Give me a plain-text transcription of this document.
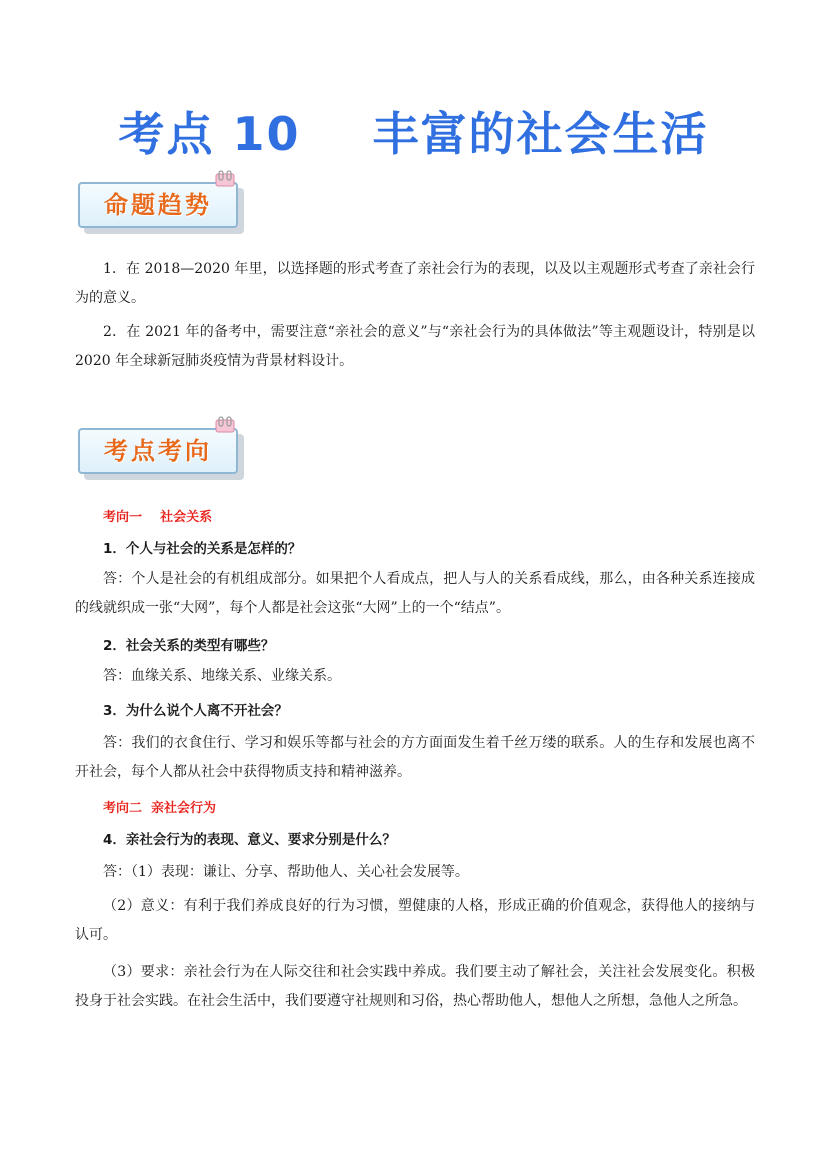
考点 10    丰富的社会生活
命题趋势
1．在 2018—2020 年里，以选择题的形式考查了亲社会行为的表现，以及以主观题形式考查了亲社会行为的意义。
2．在 2021 年的备考中，需要注意“亲社会的意义”与“亲社会行为的具体做法”等主观题设计，特别是以 2020 年全球新冠肺炎疫情为背景材料设计。
考点考向
考向一    社会关系
1．个人与社会的关系是怎样的？
答：个人是社会的有机组成部分。如果把个人看成点，把人与人的关系看成线，那么，由各种关系连接成的线就织成一张“大网”，每个人都是社会这张“大网”上的一个“结点”。
2．社会关系的类型有哪些？
答：血缘关系、地缘关系、业缘关系。
3．为什么说个人离不开社会？
答：我们的衣食住行、学习和娱乐等都与社会的方方面面发生着千丝万缕的联系。人的生存和发展也离不开社会，每个人都从社会中获得物质支持和精神滋养。
考向二  亲社会行为
4．亲社会行为的表现、意义、要求分别是什么？
答：（1）表现：谦让、分享、帮助他人、关心社会发展等。
（2）意义：有利于我们养成良好的行为习惯，塑健康的人格，形成正确的价值观念，获得他人的接纳与认可。
（3）要求：亲社会行为在人际交往和社会实践中养成。我们要主动了解社会，关注社会发展变化。积极投身于社会实践。在社会生活中，我们要遵守社规则和习俗，热心帮助他人，想他人之所想，急他人之所急。
